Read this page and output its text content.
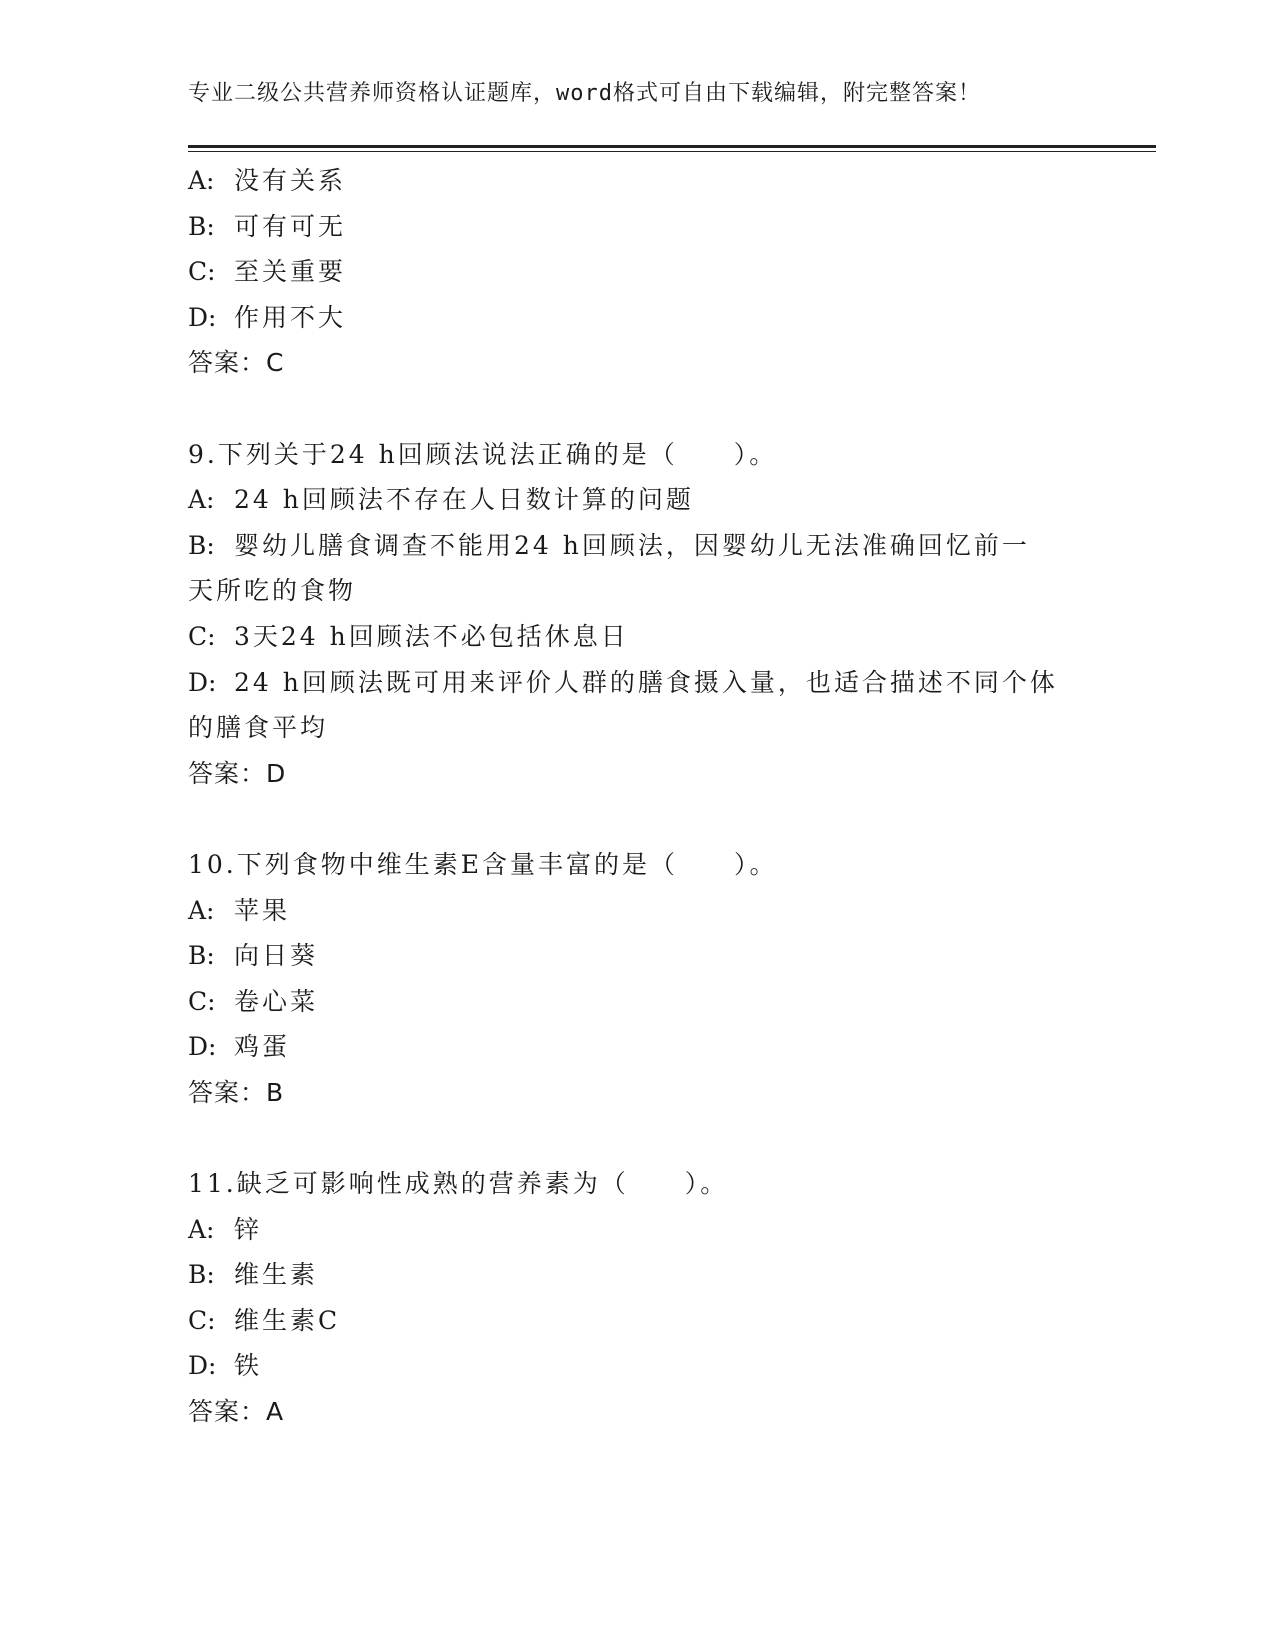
专业二级公共营养师资格认证题库，word格式可自由下载编辑，附完整答案！
A: 没有关系
B: 可有可无
C: 至关重要
D: 作用不大
答案：C
9.下列关于24 h回顾法说法正确的是（　　）。
A: 24 h回顾法不存在人日数计算的问题
B: 婴幼儿膳食调查不能用24 h回顾法，因婴幼儿无法准确回忆前一
天所吃的食物
C: 3天24 h回顾法不必包括休息日
D: 24 h回顾法既可用来评价人群的膳食摄入量，也适合描述不同个体
的膳食平均
答案：D
10.下列食物中维生素E含量丰富的是（　　）。
A: 苹果
B: 向日葵
C: 卷心菜
D: 鸡蛋
答案：B
11.缺乏可影响性成熟的营养素为（　　）。
A: 锌
B: 维生素
C: 维生素C
D: 铁
答案：A
